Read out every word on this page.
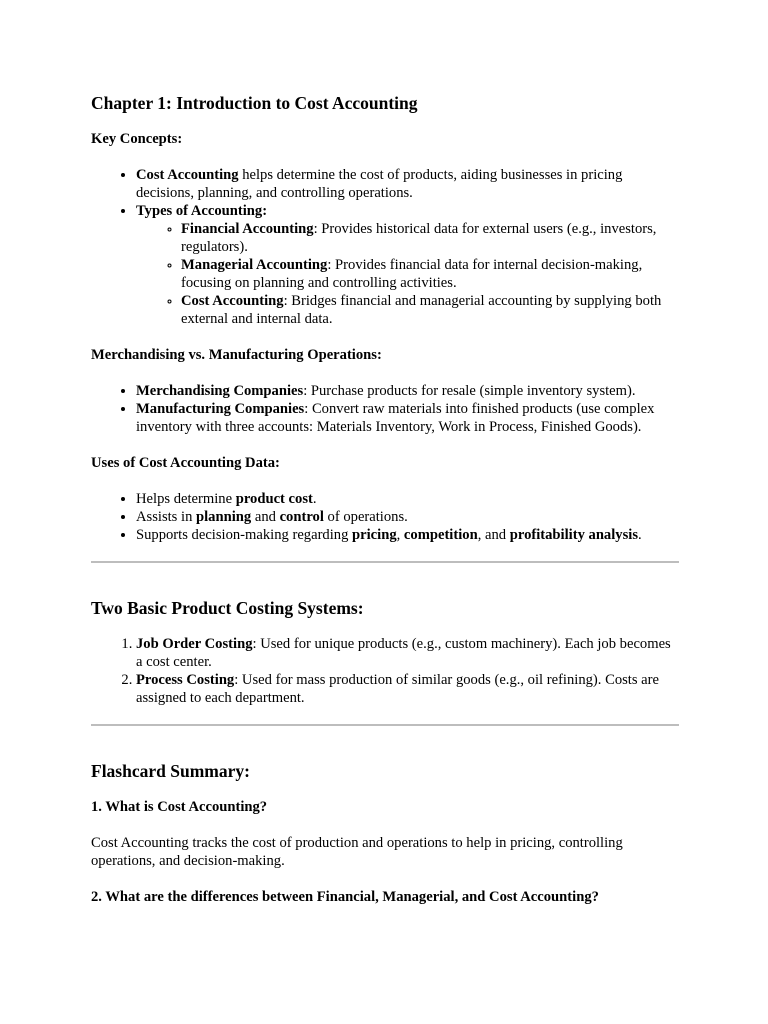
Chapter 1: Introduction to Cost Accounting
Key Concepts:
• Cost Accounting helps determine the cost of products, aiding businesses in pricing decisions, planning, and controlling operations.
• Types of Accounting:
◦ Financial Accounting: Provides historical data for external users (e.g., investors, regulators).
◦ Managerial Accounting: Provides financial data for internal decision-making, focusing on planning and controlling activities.
◦ Cost Accounting: Bridges financial and managerial accounting by supplying both external and internal data.
Merchandising vs. Manufacturing Operations:
• Merchandising Companies: Purchase products for resale (simple inventory system).
• Manufacturing Companies: Convert raw materials into finished products (use complex inventory with three accounts: Materials Inventory, Work in Process, Finished Goods).
Uses of Cost Accounting Data:
• Helps determine product cost.
• Assists in planning and control of operations.
• Supports decision-making regarding pricing, competition, and profitability analysis.
Two Basic Product Costing Systems:
1. Job Order Costing: Used for unique products (e.g., custom machinery). Each job becomes a cost center.
2. Process Costing: Used for mass production of similar goods (e.g., oil refining). Costs are assigned to each department.
Flashcard Summary:
1. What is Cost Accounting?

Cost Accounting tracks the cost of production and operations to help in pricing, controlling operations, and decision-making.

2. What are the differences between Financial, Managerial, and Cost Accounting?
